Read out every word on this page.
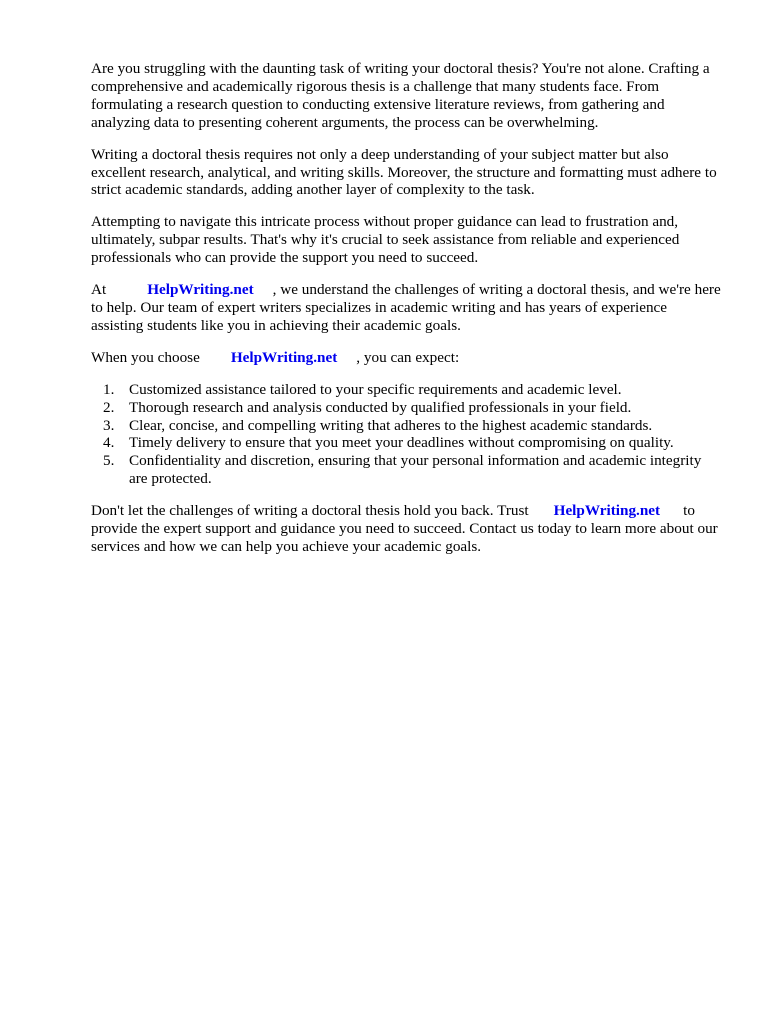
Are you struggling with the daunting task of writing your doctoral thesis? You're not alone. Crafting a comprehensive and academically rigorous thesis is a challenge that many students face. From formulating a research question to conducting extensive literature reviews, from gathering and analyzing data to presenting coherent arguments, the process can be overwhelming.

Writing a doctoral thesis requires not only a deep understanding of your subject matter but also excellent research, analytical, and writing skills. Moreover, the structure and formatting must adhere to strict academic standards, adding another layer of complexity to the task.

Attempting to navigate this intricate process without proper guidance can lead to frustration and, ultimately, subpar results. That's why it's crucial to seek assistance from reliable and experienced professionals who can provide the support you need to succeed.

At	HelpWriting.net , we understand the challenges of writing a doctoral thesis, and we're here to help. Our team of expert writers specializes in academic writing and has years of experience assisting students like you in achieving their academic goals.

When you choose HelpWriting.net , you can expect:

1. Customized assistance tailored to your specific requirements and academic level.
2. Thorough research and analysis conducted by qualified professionals in your field.
3. Clear, concise, and compelling writing that adheres to the highest academic standards.
4. Timely delivery to ensure that you meet your deadlines without compromising on quality.
5. Confidentiality and discretion, ensuring that your personal information and academic integrity are protected.

Don't let the challenges of writing a doctoral thesis hold you back. Trust HelpWriting.net to provide the expert support and guidance you need to succeed. Contact us today to learn more about our services and how we can help you achieve your academic goals.
